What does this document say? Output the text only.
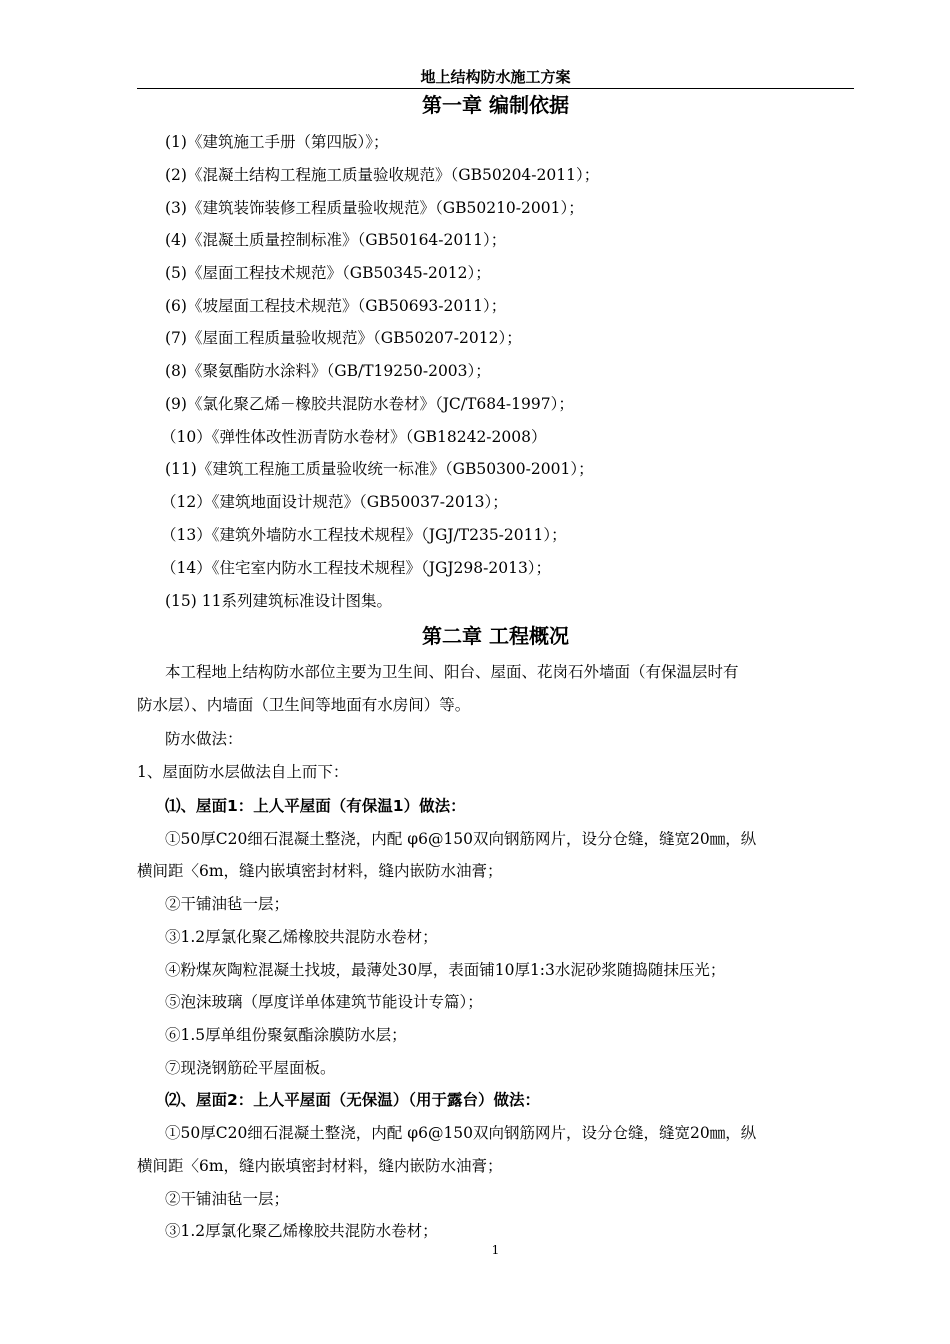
地上结构防水施工方案
第一章 编制依据
(1)《建筑施工手册（第四版）》；
(2)《混凝土结构工程施工质量验收规范》（GB50204-2011）；
(3)《建筑装饰装修工程质量验收规范》（GB50210-2001）；
(4)《混凝土质量控制标准》（GB50164-2011）；
(5)《屋面工程技术规范》（GB50345-2012）；
(6)《坡屋面工程技术规范》（GB50693-2011）；
(7)《屋面工程质量验收规范》（GB50207-2012）；
(8)《聚氨酯防水涂料》（GB/T19250-2003）；
(9)《氯化聚乙烯－橡胶共混防水卷材》（JC/T684-1997）；
（10）《弹性体改性沥青防水卷材》（GB18242-2008）
(11)《建筑工程施工质量验收统一标准》（GB50300-2001）；
（12）《建筑地面设计规范》（GB50037-2013）；
（13）《建筑外墙防水工程技术规程》（JGJ/T235-2011）；
（14）《住宅室内防水工程技术规程》（JGJ298-2013）；
(15) 11系列建筑标准设计图集。
第二章 工程概况
本工程地上结构防水部位主要为卫生间、阳台、屋面、花岗石外墙面（有保温层时有
防水层）、内墙面（卫生间等地面有水房间）等。
防水做法：
1、屋面防水层做法自上而下：
⑴、屋面1：上人平屋面（有保温1）做法：
①50厚C20细石混凝土整浇，内配 φ6@150双向钢筋网片，设分仓缝，缝宽20㎜，纵
横间距〈6m，缝内嵌填密封材料，缝内嵌防水油膏；
②干铺油毡一层；
③1.2厚氯化聚乙烯橡胶共混防水卷材；
④粉煤灰陶粒混凝土找坡，最薄处30厚，表面铺10厚1:3水泥砂浆随捣随抹压光；
⑤泡沫玻璃（厚度详单体建筑节能设计专篇）；
⑥1.5厚单组份聚氨酯涂膜防水层；
⑦现浇钢筋砼平屋面板。
⑵、屋面2：上人平屋面（无保温）（用于露台）做法：
①50厚C20细石混凝土整浇，内配 φ6@150双向钢筋网片，设分仓缝，缝宽20㎜，纵
横间距〈6m，缝内嵌填密封材料，缝内嵌防水油膏；
②干铺油毡一层；
③1.2厚氯化聚乙烯橡胶共混防水卷材；
1
